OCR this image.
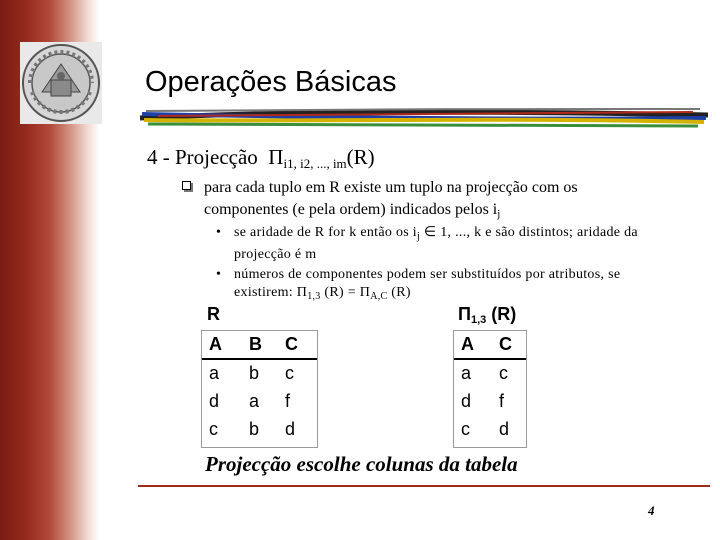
Operações Básicas
4 - Projecção $\Pi_{i1, i2, ..., im}(R)$
para cada tuplo em R existe um tuplo na projecção com os componentes (e pela ordem) indicados pelos $i_j$
• se aridade de R for k então os $i_j$ ∈ 1, ..., k e são distintos; aridade da projecção é m
• números de componentes podem ser substituídos por atributos, se existirem: $\Pi_{1,3}$ $(R) = \Pi_{A,C}$ (R)
R
A B C
a b c
d a f
c b d
$\Pi_{1,3}$ (R)
A C
a c
d f
c d
Projecção escolhe colunas da tabela
4
